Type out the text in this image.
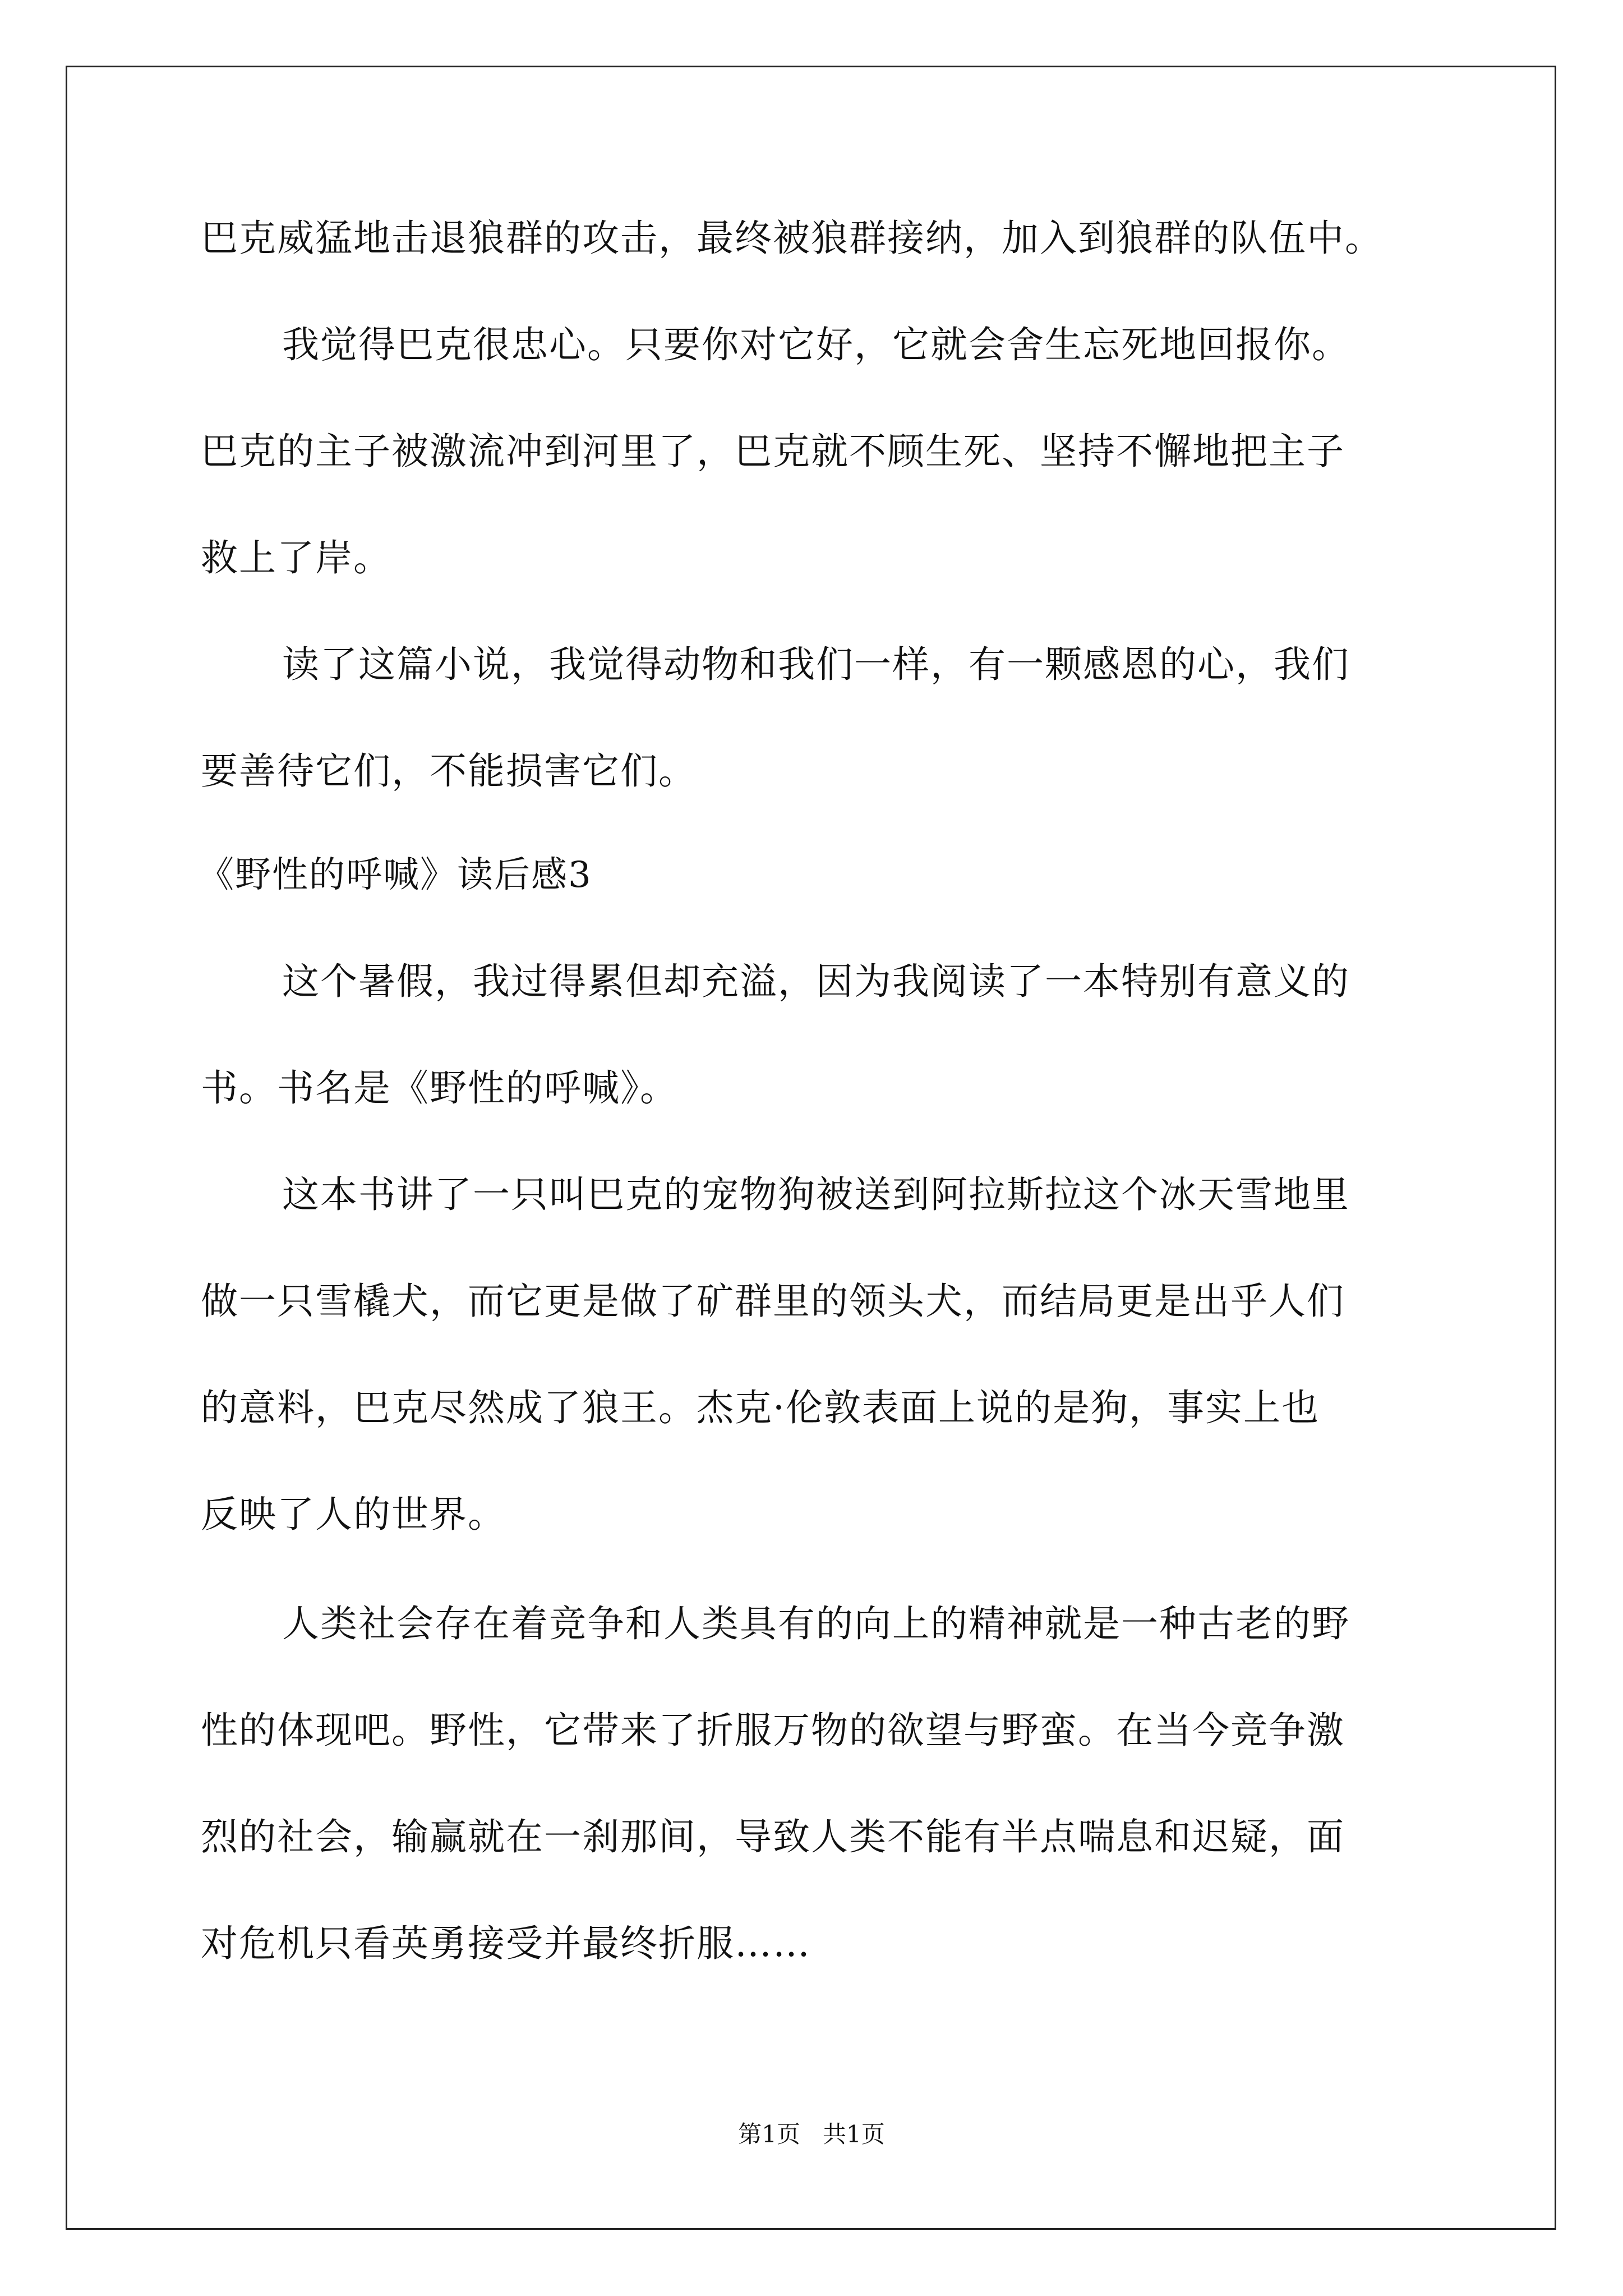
巴克威猛地击退狼群的攻击，最终被狼群接纳，加入到狼群的队伍中。
我觉得巴克很忠心。只要你对它好，它就会舍生忘死地回报你。
巴克的主子被激流冲到河里了，巴克就不顾生死、坚持不懈地把主子
救上了岸。
读了这篇小说，我觉得动物和我们一样，有一颗感恩的心，我们
要善待它们，不能损害它们。
《野性的呼喊》读后感3
这个暑假，我过得累但却充溢，因为我阅读了一本特别有意义的
书。书名是《野性的呼喊》。
这本书讲了一只叫巴克的宠物狗被送到阿拉斯拉这个冰天雪地里
做一只雪橇犬，而它更是做了矿群里的领头犬，而结局更是出乎人们
的意料，巴克尽然成了狼王。杰克·伦敦表面上说的是狗，事实上也
反映了人的世界。
人类社会存在着竞争和人类具有的向上的精神就是一种古老的野
性的体现吧。野性，它带来了折服万物的欲望与野蛮。在当今竞争激
烈的社会，输赢就在一刹那间，导致人类不能有半点喘息和迟疑，面
对危机只看英勇接受并最终折服……
第1页   共1页
